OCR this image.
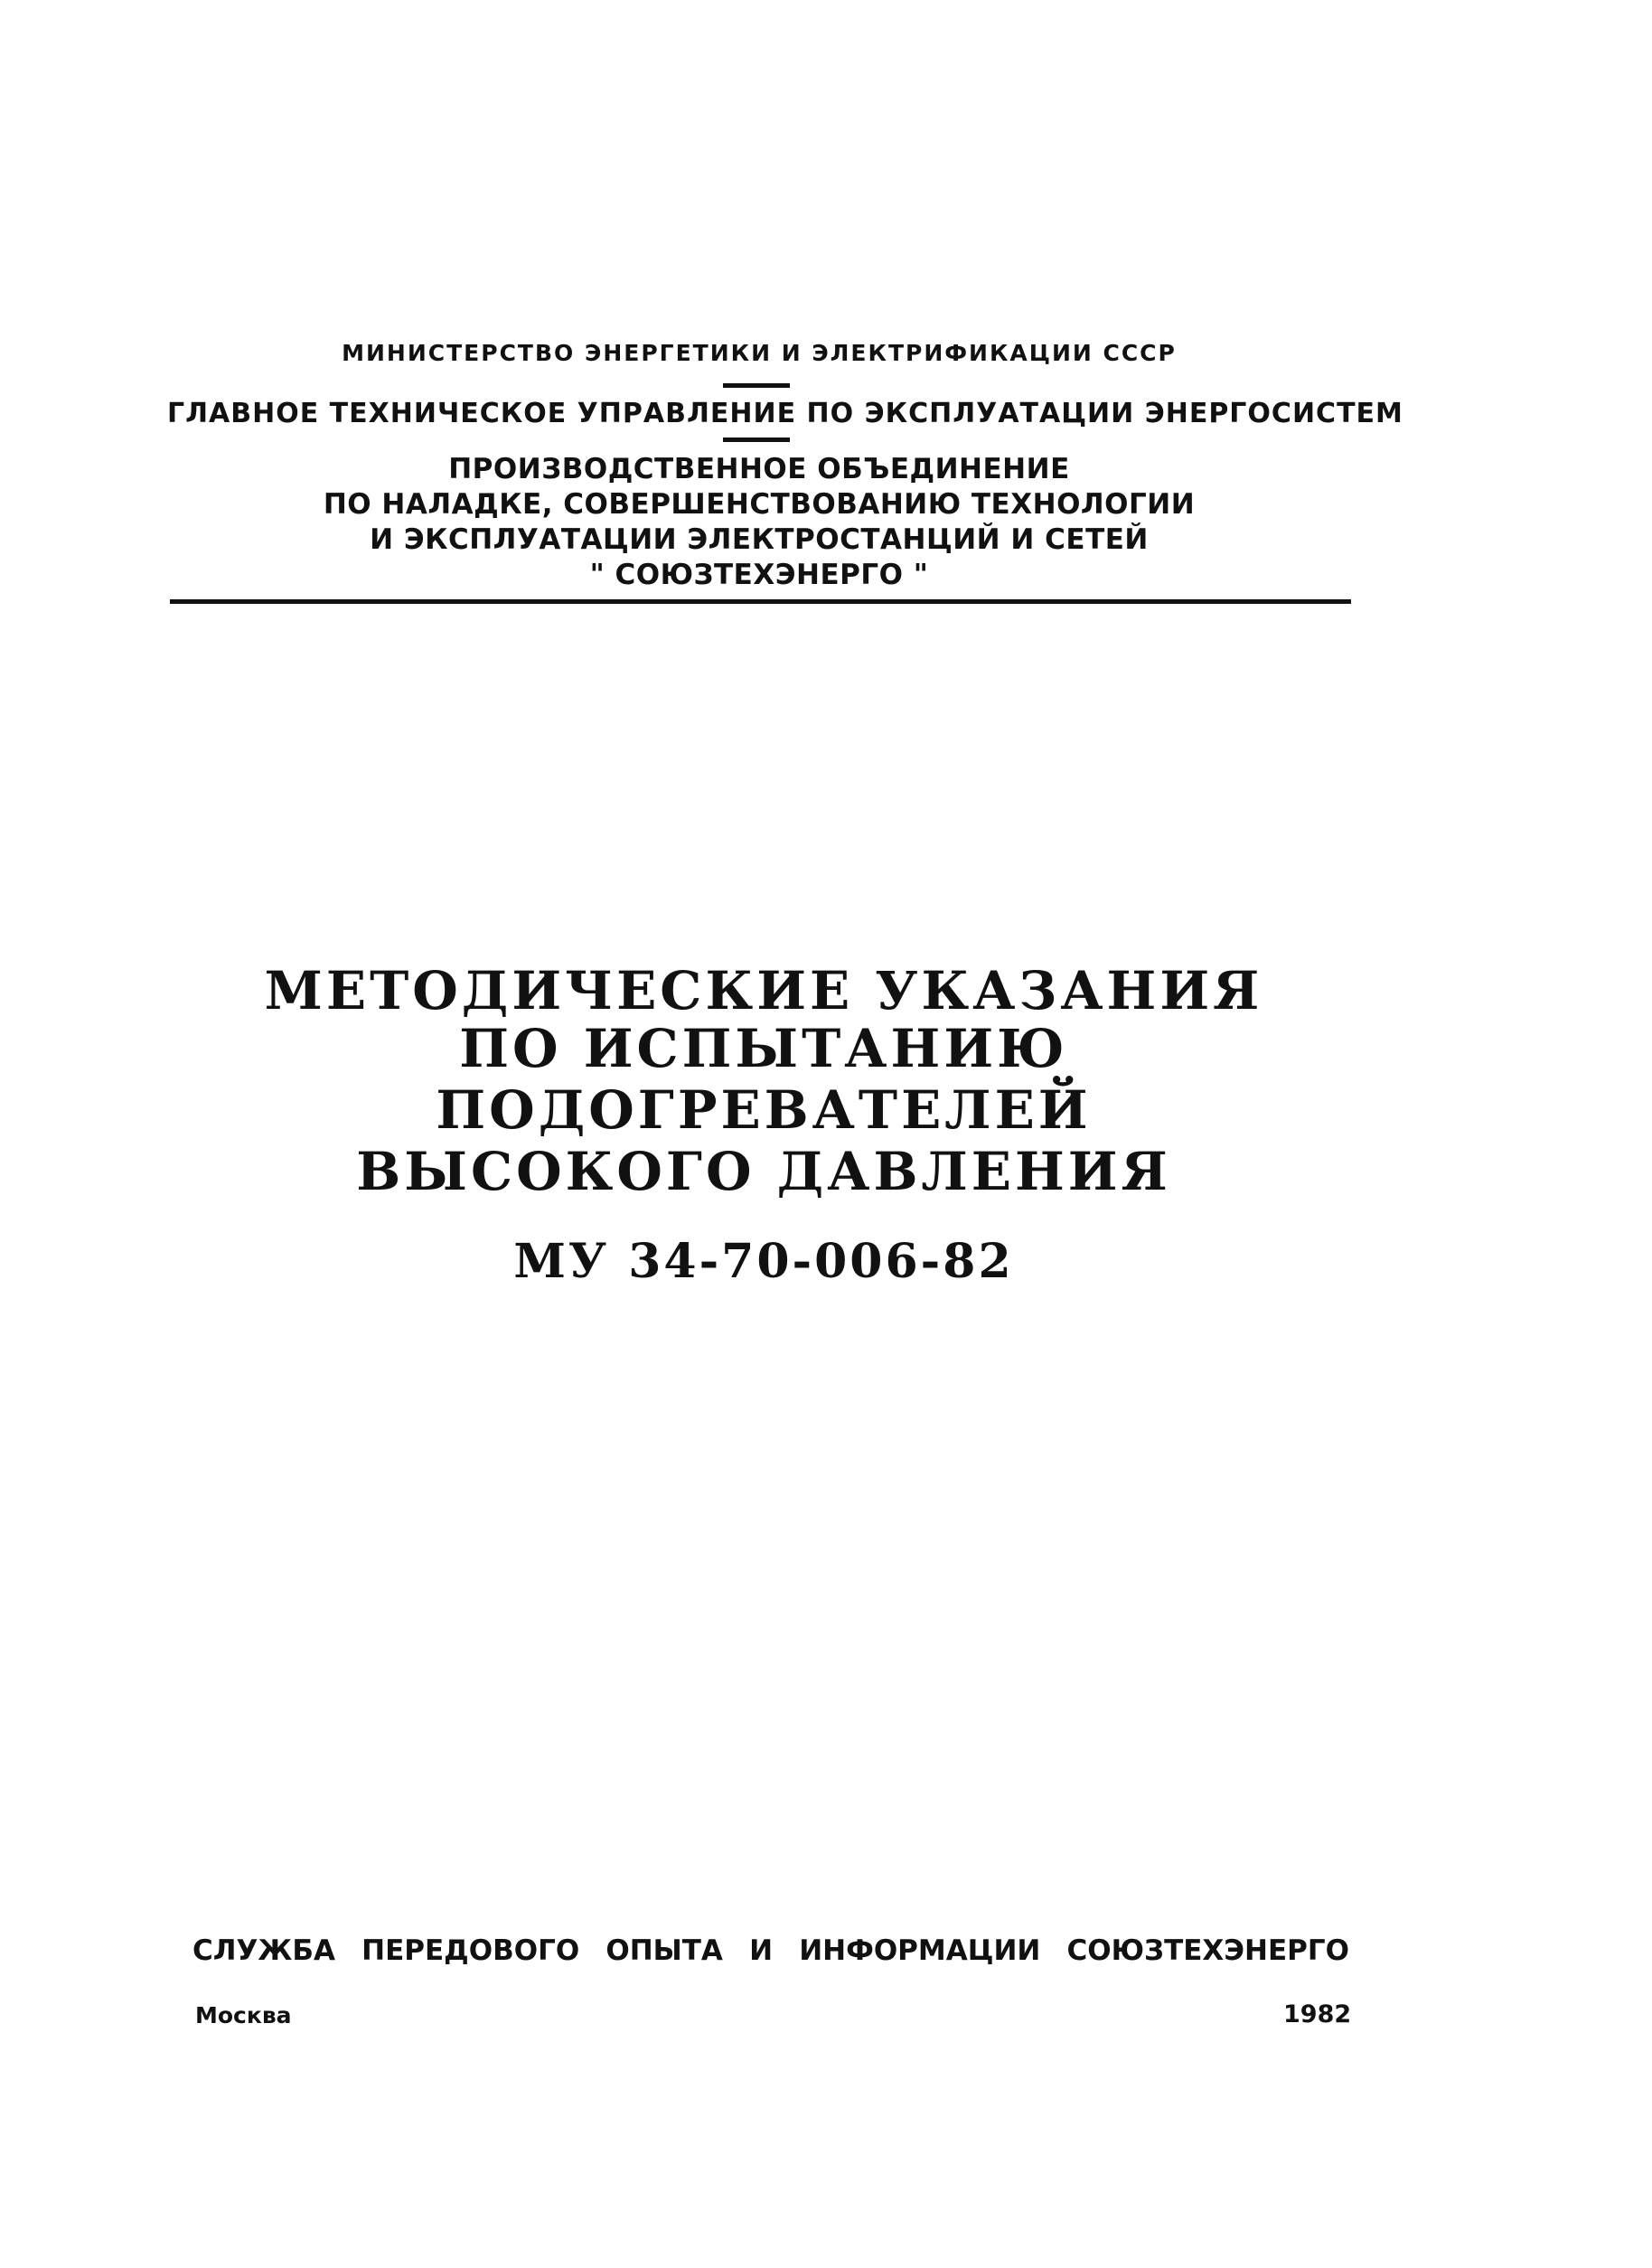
МИНИСТЕРСТВО ЭНЕРГЕТИКИ И ЭЛЕКТРИФИКАЦИИ СССР
ГЛАВНОЕ ТЕХНИЧЕСКОЕ УПРАВЛЕНИЕ ПО ЭКСПЛУАТАЦИИ ЭНЕРГОСИСТЕМ
ПРОИЗВОДСТВЕННОЕ ОБЪЕДИНЕНИЕ
ПО НАЛАДКЕ, СОВЕРШЕНСТВОВАНИЮ ТЕХНОЛОГИИ
И ЭКСПЛУАТАЦИИ ЭЛЕКТРОСТАНЦИЙ И СЕТЕЙ
" СОЮЗТЕХЭНЕРГО "
МЕТОДИЧЕСКИЕ УКАЗАНИЯ
ПО ИСПЫТАНИЮ
ПОДОГРЕВАТЕЛЕЙ
ВЫСОКОГО ДАВЛЕНИЯ
МУ 34-70-006-82
СЛУЖБА ПЕРЕДОВОГО ОПЫТА И ИНФОРМАЦИИ СОЮЗТЕХЭНЕРГО
Москва	1982
